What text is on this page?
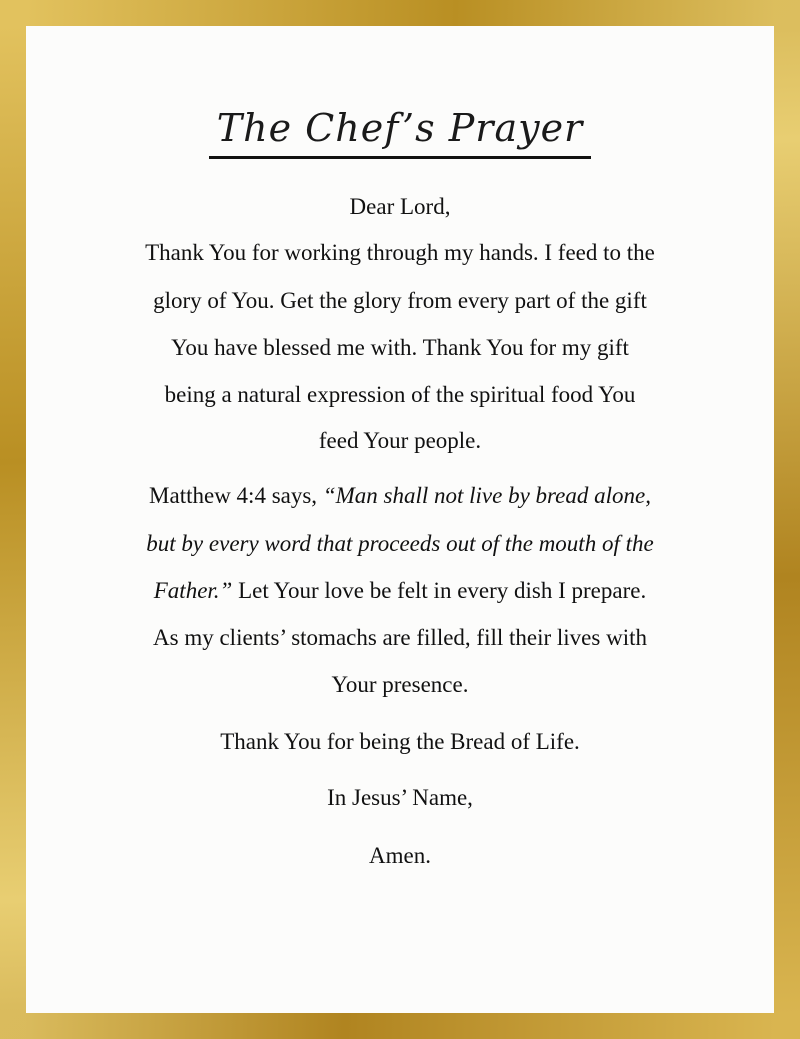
The Chef’s Prayer
Dear Lord,
Thank You for working through my hands. I feed to the
glory of You. Get the glory from every part of the gift
You have blessed me with. Thank You for my gift
being a natural expression of the spiritual food You
feed Your people.
Matthew 4:4 says, “Man shall not live by bread alone,
but by every word that proceeds out of the mouth of the
Father.” Let Your love be felt in every dish I prepare.
As my clients’ stomachs are filled, fill their lives with
Your presence.
Thank You for being the Bread of Life.
In Jesus’ Name,
Amen.
